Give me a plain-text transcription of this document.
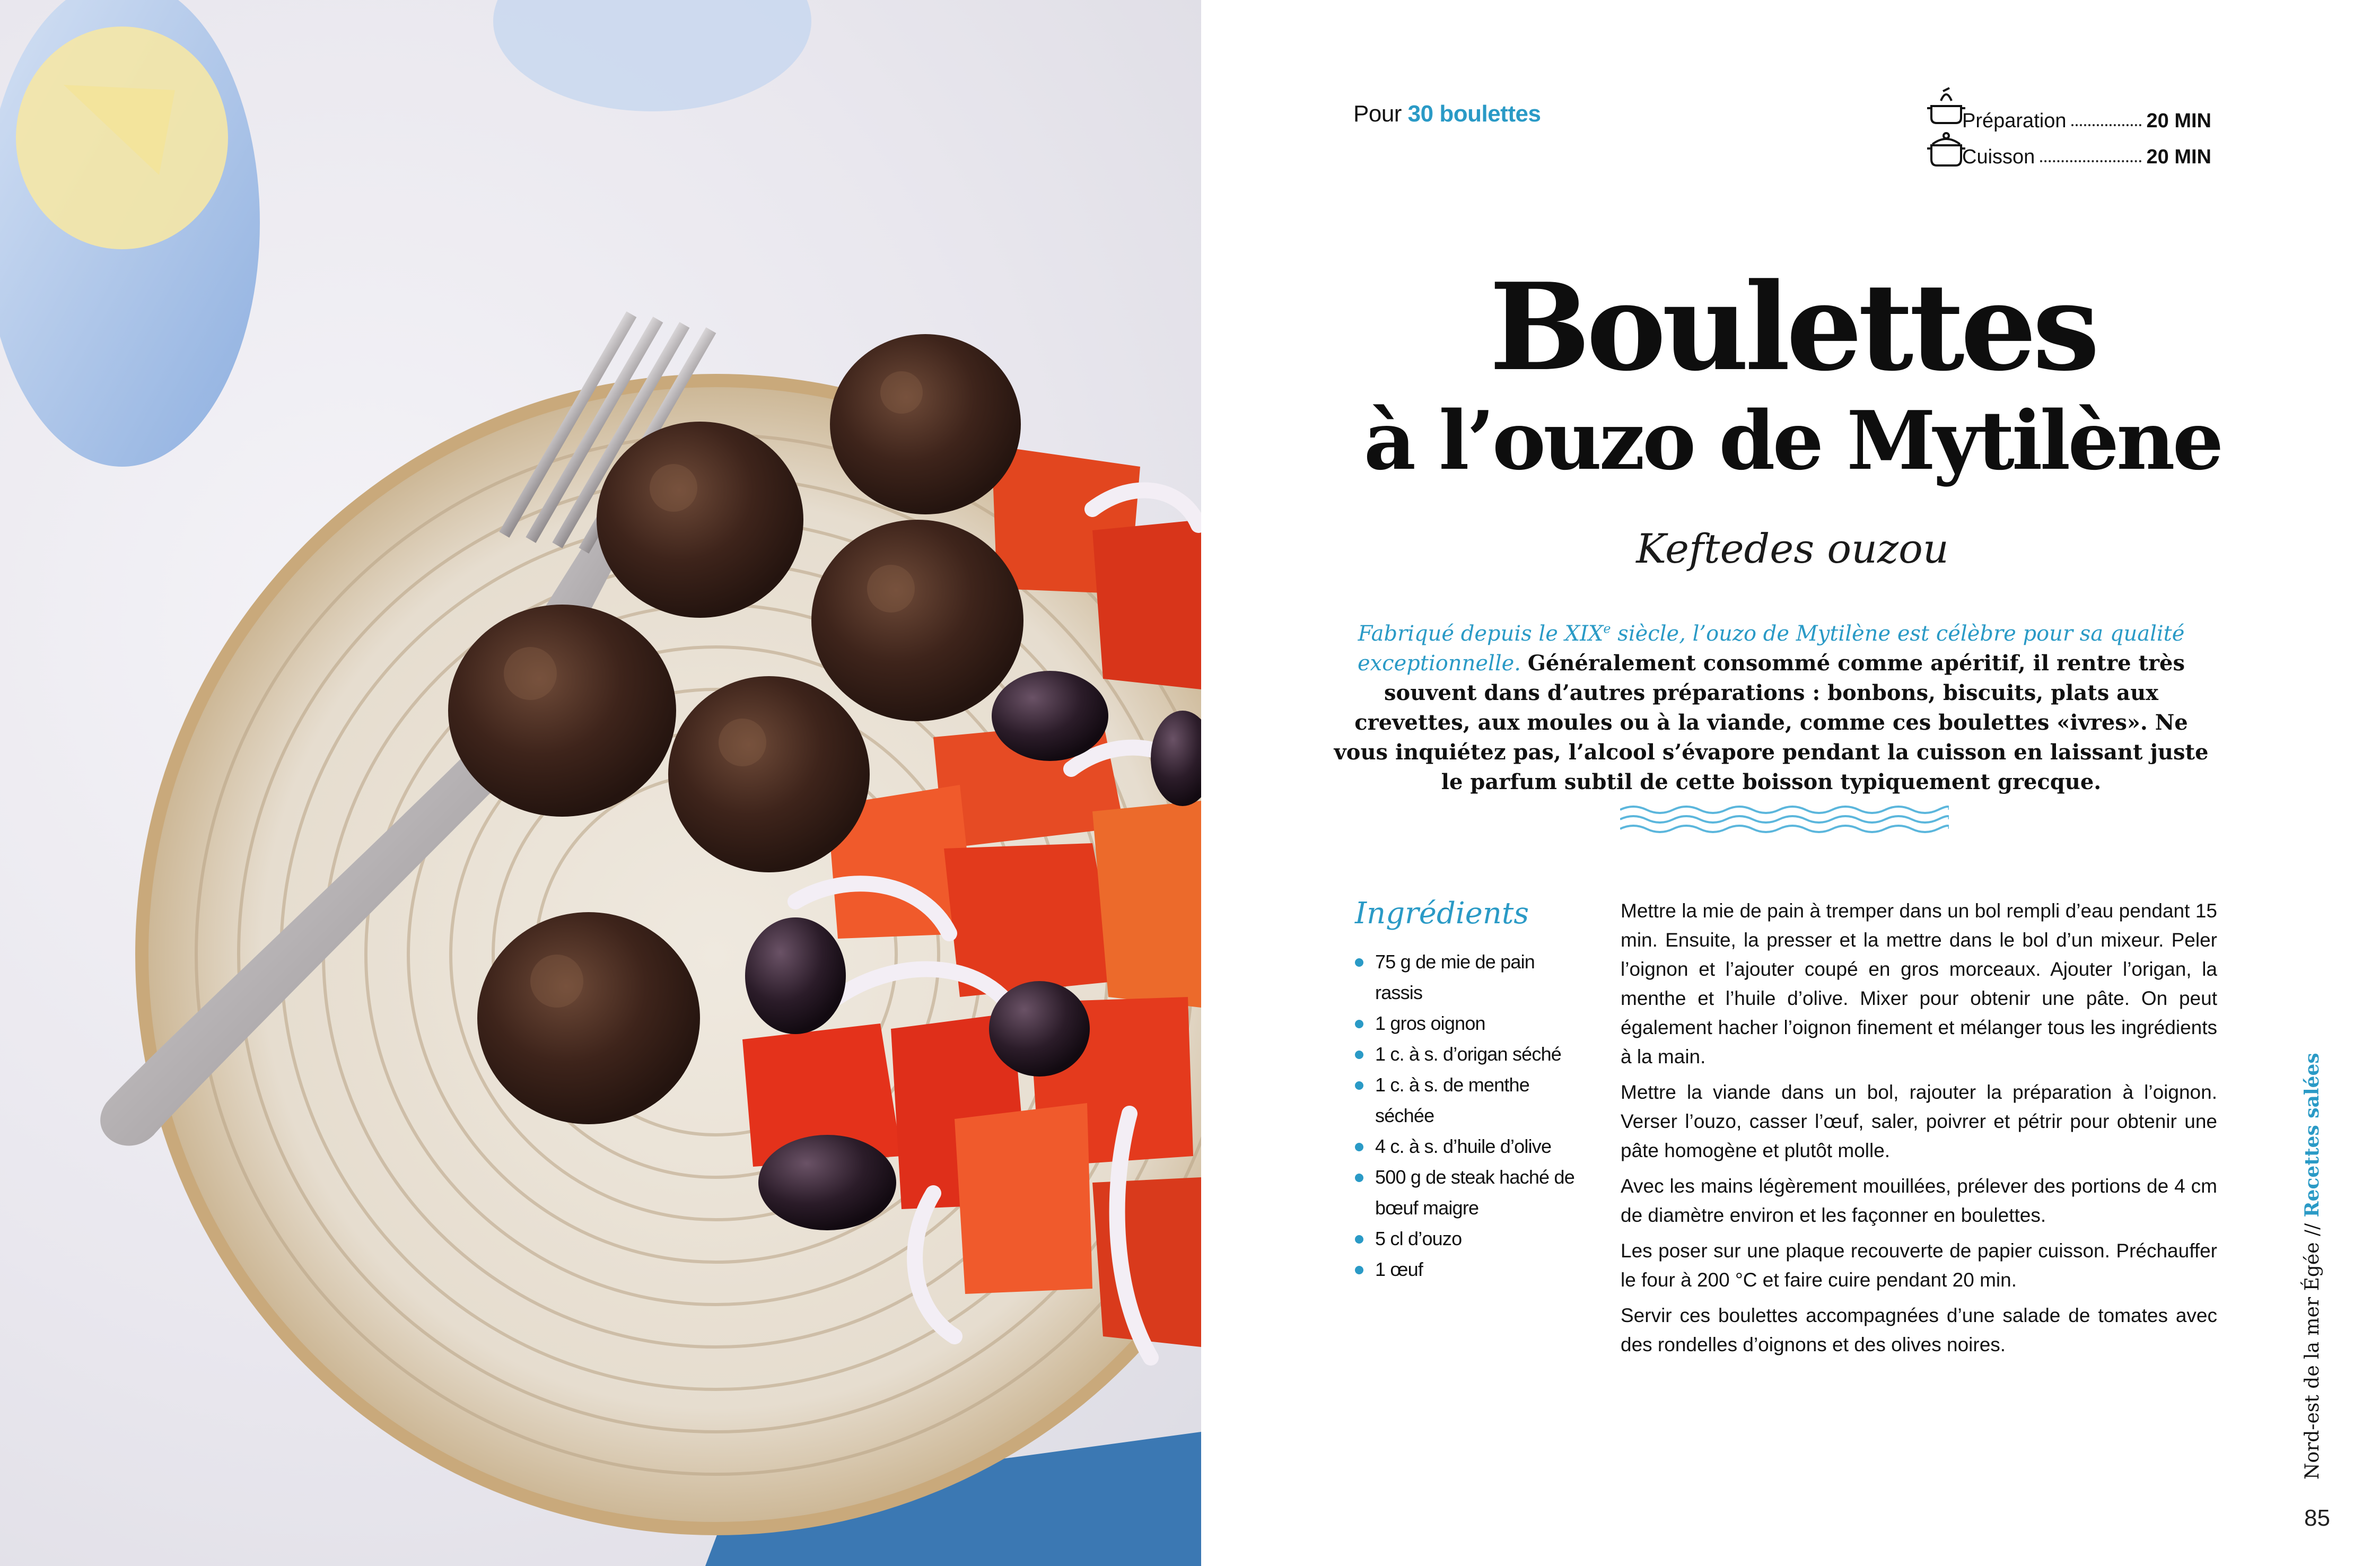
Pour 30 boulettes	Préparation	20 MIN
Cuisson	20 MIN
Boulettes
à l’ouzo de Mytilène
Keftedes ouzou
Fabriqué depuis le XIXe siècle, l’ouzo de Mytilène est célèbre pour sa qualité exceptionnelle. Généralement consommé comme apéritif, il rentre très souvent dans d’autres préparations : bonbons, biscuits, plats aux crevettes, aux moules ou à la viande, comme ces boulettes «ivres». Ne vous inquiétez pas, l’alcool s’évapore pendant la cuisson en laissant juste le parfum subtil de cette boisson typiquement grecque.
Ingrédients
75 g de mie de pain rassis
1 gros oignon
1 c. à s. d’origan séché
1 c. à s. de menthe séchée
4 c. à s. d’huile d’olive
500 g de steak haché de bœuf maigre
5 cl d’ouzo
1 œuf

Mettre la mie de pain à tremper dans un bol rempli d’eau pendant 15 min. Ensuite, la presser et la mettre dans le bol d’un mixeur. Peler l’oignon et l’ajouter coupé en gros morceaux. Ajouter l’origan, la menthe et l’huile d’olive. Mixer pour obtenir une pâte. On peut également hacher l’oignon finement et mélanger tous les ingrédients à la main.

Mettre la viande dans un bol, rajouter la préparation à l’oignon. Verser l’ouzo, casser l’œuf, saler, poivrer et pétrir pour obtenir une pâte homogène et plutôt molle.

Avec les mains légèrement mouillées, prélever des portions de 4 cm de diamètre environ et les façonner en boulettes.

Les poser sur une plaque recouverte de papier cuisson. Préchauffer le four à 200 °C et faire cuire pendant 20 min.

Servir ces boulettes accompagnées d’une salade de tomates avec des rondelles d’oignons et des olives noires.	Nord-est de la mer Égée // Recettes salées
85
